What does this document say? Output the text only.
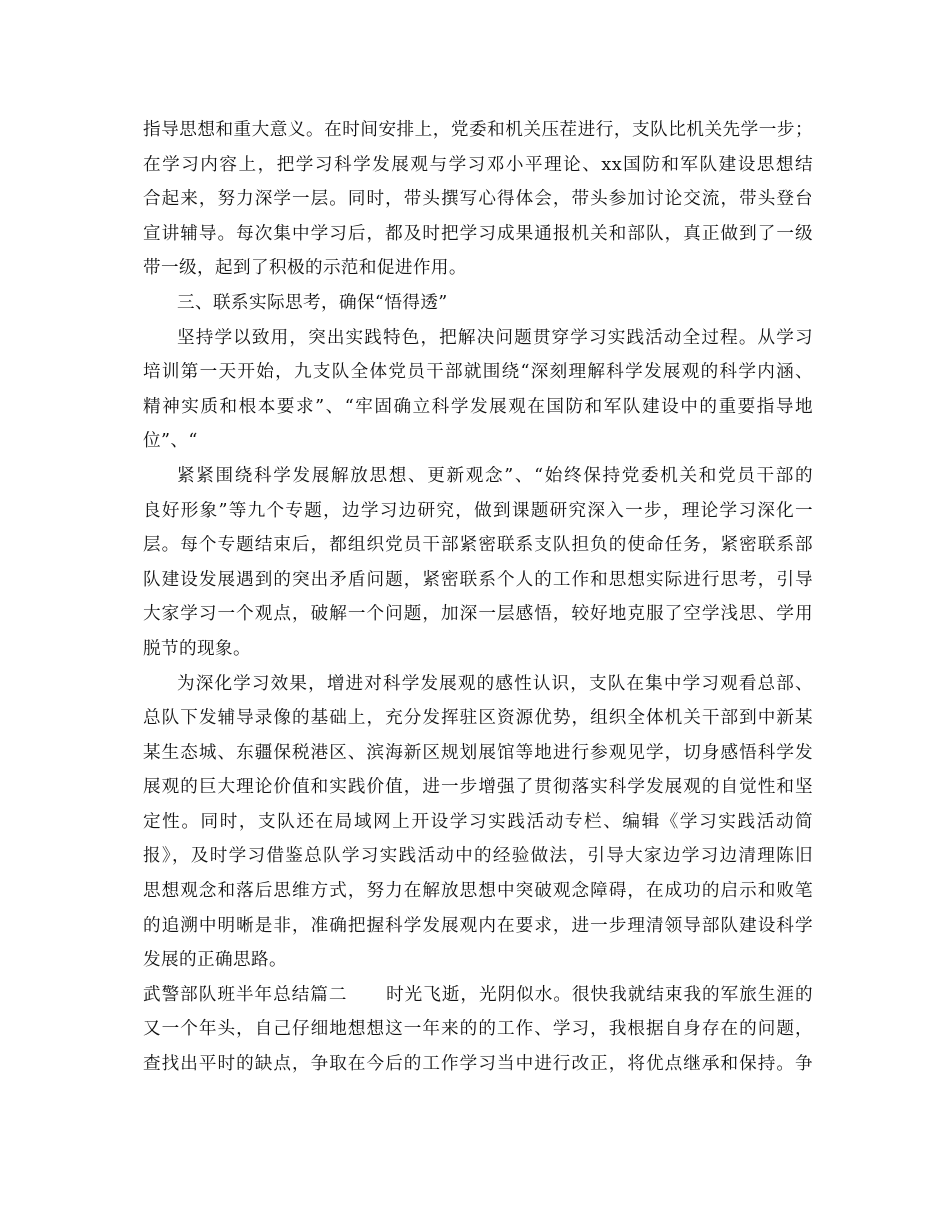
指导思想和重大意义。在时间安排上，党委和机关压茬进行，支队比机关先学一步；
在学习内容上，把学习科学发展观与学习邓小平理论、xx国防和军队建设思想结
合起来，努力深学一层。同时，带头撰写心得体会，带头参加讨论交流，带头登台
宣讲辅导。每次集中学习后，都及时把学习成果通报机关和部队，真正做到了一级
带一级，起到了积极的示范和促进作用。
三、联系实际思考，确保“悟得透”
坚持学以致用，突出实践特色，把解决问题贯穿学习实践活动全过程。从学习
培训第一天开始，九支队全体党员干部就围绕“深刻理解科学发展观的科学内涵、
精神实质和根本要求”、“牢固确立科学发展观在国防和军队建设中的重要指导地
位”、“
紧紧围绕科学发展解放思想、更新观念”、“始终保持党委机关和党员干部的
良好形象”等九个专题，边学习边研究，做到课题研究深入一步，理论学习深化一
层。每个专题结束后，都组织党员干部紧密联系支队担负的使命任务，紧密联系部
队建设发展遇到的突出矛盾问题，紧密联系个人的工作和思想实际进行思考，引导
大家学习一个观点，破解一个问题，加深一层感悟，较好地克服了空学浅思、学用
脱节的现象。
为深化学习效果，增进对科学发展观的感性认识，支队在集中学习观看总部、
总队下发辅导录像的基础上，充分发挥驻区资源优势，组织全体机关干部到中新某
某生态城、东疆保税港区、滨海新区规划展馆等地进行参观见学，切身感悟科学发
展观的巨大理论价值和实践价值，进一步增强了贯彻落实科学发展观的自觉性和坚
定性。同时，支队还在局域网上开设学习实践活动专栏、编辑《学习实践活动简
报》，及时学习借鉴总队学习实践活动中的经验做法，引导大家边学习边清理陈旧
思想观念和落后思维方式，努力在解放思想中突破观念障碍，在成功的启示和败笔
的追溯中明晰是非，准确把握科学发展观内在要求，进一步理清领导部队建设科学
发展的正确思路。
武警部队班半年总结篇二 时光飞逝，光阴似水。很快我就结束我的军旅生涯的
又一个年头，自己仔细地想想这一年来的的工作、学习，我根据自身存在的问题，
查找出平时的缺点，争取在今后的工作学习当中进行改正，将优点继承和保持。争
